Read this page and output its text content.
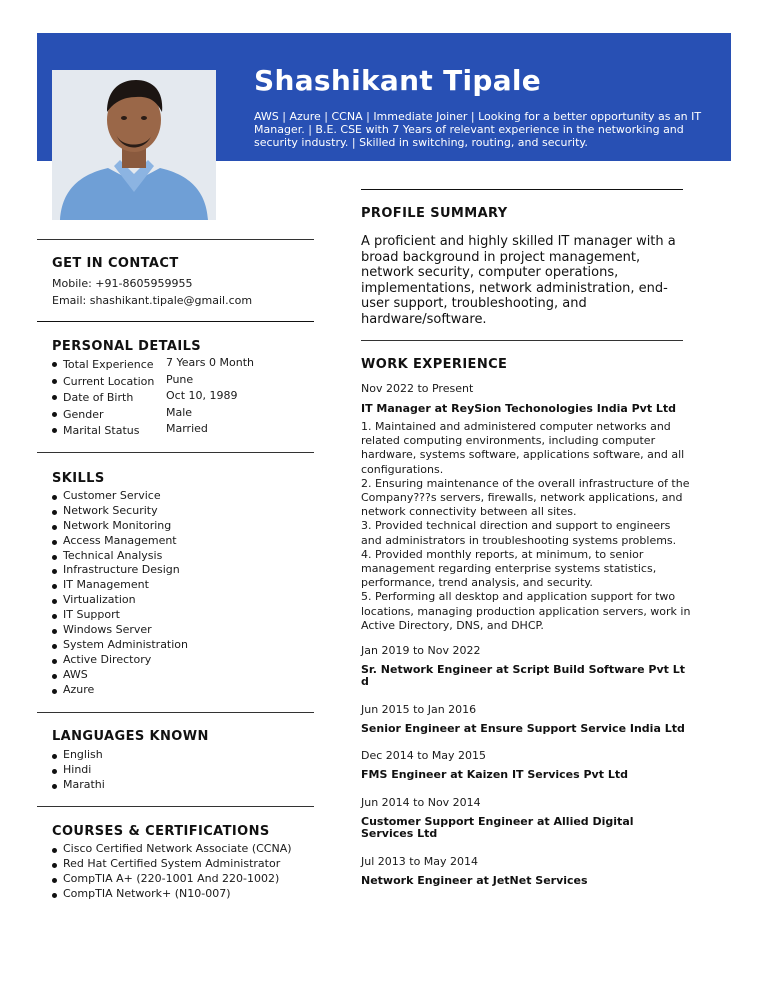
Shashikant Tipale
AWS | Azure | CCNA | Immediate Joiner | Looking for a better opportunity as an IT Manager. | B.E. CSE with 7 Years of relevant experience in the networking and security industry. | Skilled in switching, routing, and security.
GET IN CONTACT
Mobile: +91-8605959955
Email: shashikant.tipale@gmail.com
PERSONAL DETAILS
Total Experience 7 Years 0 Month
Current Location Pune
Date of Birth	Oct 10, 1989
Gender	Male
Marital Status Married
SKILLS
Customer Service
Network Security
Network Monitoring
Access Management
Technical Analysis
Infrastructure Design
IT Management
Virtualization
IT Support
Windows Server
System Administration
Active Directory
AWS
Azure
LANGUAGES KNOWN
English
Hindi
Marathi
COURSES & CERTIFICATIONS
Cisco Certified Network Associate (CCNA)
Red Hat Certified System Administrator
CompTIA A+ (220-1001 And 220-1002)
CompTIA Network+ (N10-007)
PROFILE SUMMARY
A proficient and highly skilled IT manager with a broad background in project management, network security, computer operations, implementations, network administration, end-user support, troubleshooting, and hardware/software.
WORK EXPERIENCE
Nov 2022 to Present
IT Manager at ReySion Techonologies India Pvt Ltd
1. Maintained and administered computer networks and related computing environments, including computer hardware, systems software, applications software, and all configurations.
2. Ensuring maintenance of the overall infrastructure of the Company???s servers, firewalls, network applications, and network connectivity between all sites.
3. Provided technical direction and support to engineers and administrators in troubleshooting systems problems.
4. Provided monthly reports, at minimum, to senior management regarding enterprise systems statistics, performance, trend analysis, and security.
5. Performing all desktop and application support for two locations, managing production application servers, work in Active Directory, DNS, and DHCP.
Jan 2019 to Nov 2022
Sr. Network Engineer at Script Build Software Pvt Ltd
Jun 2015 to Jan 2016
Senior Engineer at Ensure Support Service India Ltd
Dec 2014 to May 2015
FMS Engineer at Kaizen IT Services Pvt Ltd
Jun 2014 to Nov 2014
Customer Support Engineer at Allied Digital Services Ltd
Jul 2013 to May 2014
Network Engineer at JetNet Services
